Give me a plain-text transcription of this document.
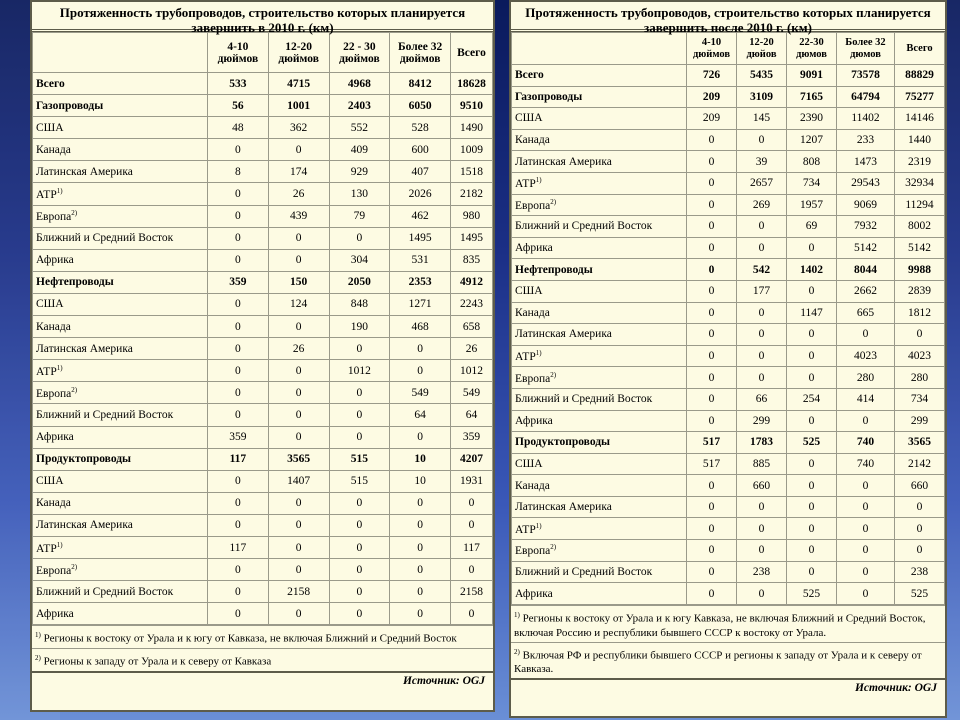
Протяженность трубопроводов, строительство которых планируется завершить в 2010 г. (км)
	4-10 дюймов	12-20 дюймов	22 - 30 дюймов	Более 32 дюймов	Всего
Всего	533	4715	4968	8412	18628
Газопроводы	56	1001	2403	6050	9510
США	48	362	552	528	1490
Канада	0	0	409	600	1009
Латинская Америка	8	174	929	407	1518
АТР$^{1)}$	0	26	130	2026	2182
Европа$^{2)}$	0	439	79	462	980
Ближний и Средний Восток	0	0	0	1495	1495
Африка	0	0	304	531	835
Нефтепроводы	359	150	2050	2353	4912
США	0	124	848	1271	2243
Канада	0	0	190	468	658
Латинская Америка	0	26	0	0	26
АТР$^{1)}$	0	0	1012	0	1012
Европа$^{2)}$	0	0	0	549	549
Ближний и Средний Восток	0	0	0	64	64
Африка	359	0	0	0	359
Продуктопроводы	117	3565	515	10	4207
США	0	1407	515	10	1931
Канада	0	0	0	0	0
Латинская Америка	0	0	0	0	0
АТР$^{1)}$	117	0	0	0	117
Европа$^{2)}$	0	0	0	0	0
Ближний и Средний Восток	0	2158	0	0	2158
Африка	0	0	0	0	0
$^{1)}$ Регионы к востоку от Урала и к югу от Кавказа, не включая Ближний и Средний Восток
$^{2)}$ Регионы к западу от Урала и к северу от Кавказа
Источник: OGJ
Протяженность трубопроводов, строительство которых планируется завершить после 2010 г. (км)
	4-10 дюймов	12-20 дюйов	22-30 дюмов	Более 32 дюмов	Всего
Всего	726	5435	9091	73578	88829
Газопроводы	209	3109	7165	64794	75277
США	209	145	2390	11402	14146
Канада	0	0	1207	233	1440
Латинская Америка	0	39	808	1473	2319
АТР$^{1)}$	0	2657	734	29543	32934
Европа$^{2)}$	0	269	1957	9069	11294
Ближний и Средний Восток	0	0	69	7932	8002
Африка	0	0	0	5142	5142
Нефтепроводы	0	542	1402	8044	9988
США	0	177	0	2662	2839
Канада	0	0	1147	665	1812
Латинская Америка	0	0	0	0	0
АТР$^{1)}$	0	0	0	4023	4023
Европа$^{2)}$	0	0	0	280	280
Ближний и Средний Восток	0	66	254	414	734
Африка	0	299	0	0	299
Продуктопроводы	517	1783	525	740	3565
США	517	885	0	740	2142
Канада	0	660	0	0	660
Латинская Америка	0	0	0	0	0
АТР$^{1)}$	0	0	0	0	0
Европа$^{2)}$	0	0	0	0	0
Ближний и Средний Восток	0	238	0	0	238
Африка	0	0	525	0	525
$^{1)}$ Регионы к востоку от Урала и к югу Кавказа, не включая Ближний и Средний Восток, включая Россию и республики бывшего СССР к востоку от Урала.
$^{2)}$ Включая РФ и республики бывшего СССР и регионы к западу от Урала и к северу от Кавказа.
Источник: OGJ
